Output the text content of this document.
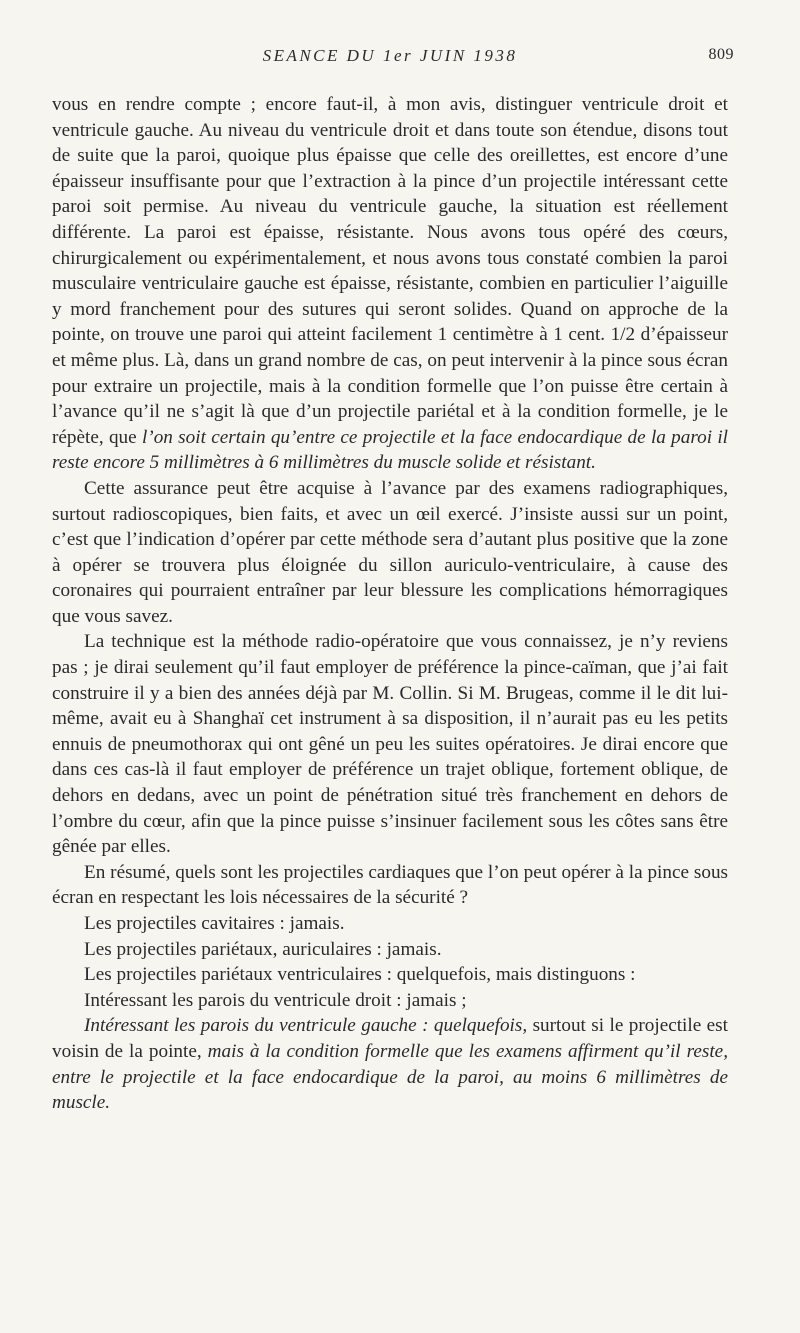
SEANCE DU 1er JUIN 1938	809

vous en rendre compte ; encore faut-il, à mon avis, distinguer ventricule droit et ventricule gauche. Au niveau du ventricule droit et dans toute son étendue, disons tout de suite que la paroi, quoique plus épaisse que celle des oreillettes, est encore d’une épaisseur insuffisante pour que l’extraction à la pince d’un projectile intéressant cette paroi soit permise. Au niveau du ventricule gauche, la situation est réellement différente. La paroi est épaisse, résistante. Nous avons tous opéré des cœurs, chirurgicalement ou expérimentalement, et nous avons tous constaté combien la paroi musculaire ventriculaire gauche est épaisse, résistante, combien en particulier l’aiguille y mord franchement pour des sutures qui seront solides. Quand on approche de la pointe, on trouve une paroi qui atteint facilement 1 centimètre à 1 cent. 1/2 d’épaisseur et même plus. Là, dans un grand nombre de cas, on peut intervenir à la pince sous écran pour extraire un projectile, mais à la condition formelle que l’on puisse être certain à l’avance qu’il ne s’agit là que d’un projectile pariétal et à la condition formelle, je le répète, que l’on soit certain qu’entre ce projectile et la face endocardique de la paroi il reste encore 5 millimètres à 6 millimètres du muscle solide et résistant.

Cette assurance peut être acquise à l’avance par des examens radiographiques, surtout radioscopiques, bien faits, et avec un œil exercé. J’insiste aussi sur un point, c’est que l’indication d’opérer par cette méthode sera d’autant plus positive que la zone à opérer se trouvera plus éloignée du sillon auriculo-ventriculaire, à cause des coronaires qui pourraient entraîner par leur blessure les complications hémorragiques que vous savez.

La technique est la méthode radio-opératoire que vous connaissez, je n’y reviens pas ; je dirai seulement qu’il faut employer de préférence la pince-caïman, que j’ai fait construire il y a bien des années déjà par M. Collin. Si M. Brugeas, comme il le dit lui-même, avait eu à Shanghaï cet instrument à sa disposition, il n’aurait pas eu les petits ennuis de pneumothorax qui ont gêné un peu les suites opératoires. Je dirai encore que dans ces cas-là il faut employer de préférence un trajet oblique, fortement oblique, de dehors en dedans, avec un point de pénétration situé très franchement en dehors de l’ombre du cœur, afin que la pince puisse s’insinuer facilement sous les côtes sans être gênée par elles.

En résumé, quels sont les projectiles cardiaques que l’on peut opérer à la pince sous écran en respectant les lois nécessaires de la sécurité ?

Les projectiles cavitaires : jamais.

Les projectiles pariétaux, auriculaires : jamais.

Les projectiles pariétaux ventriculaires : quelquefois, mais distinguons :

Intéressant les parois du ventricule droit : jamais ;

Intéressant les parois du ventricule gauche : quelquefois, surtout si le projectile est voisin de la pointe, mais à la condition formelle que les examens affirment qu’il reste, entre le projectile et la face endocardique de la paroi, au moins 6 millimètres de muscle.
